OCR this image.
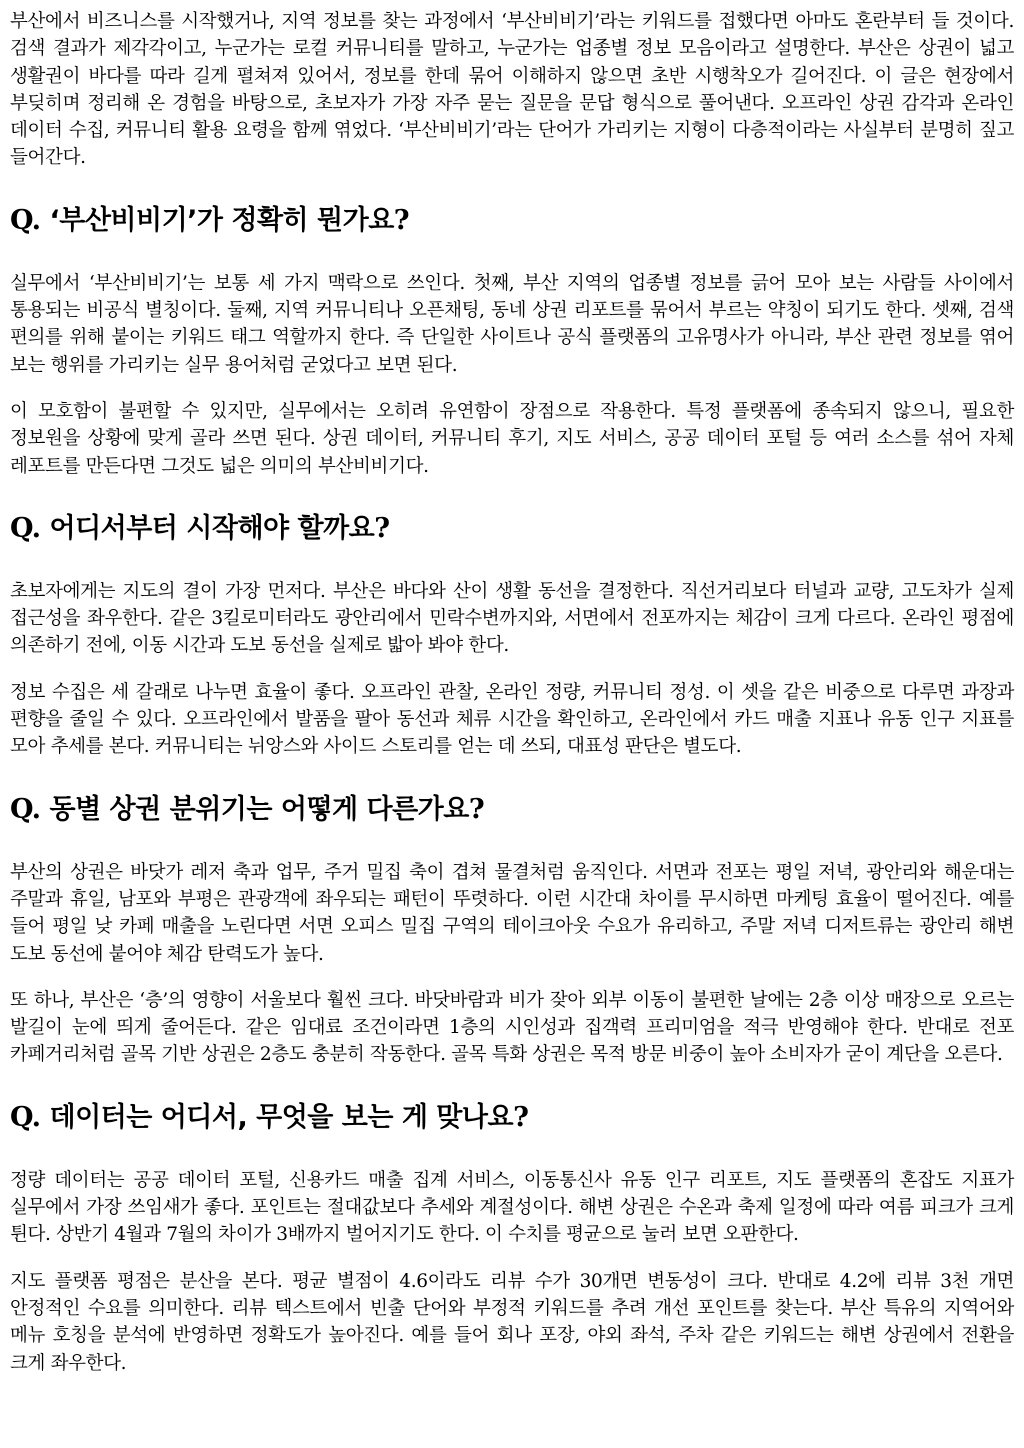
부산에서 비즈니스를 시작했거나, 지역 정보를 찾는 과정에서 ‘부산비비기’라는 키워드를 접했다면 아마도 혼란부터 들 것이다. 검색 결과가 제각각이고, 누군가는 로컬 커뮤니티를 말하고, 누군가는 업종별 정보 모음이라고 설명한다. 부산은 상권이 넓고 생활권이 바다를 따라 길게 펼쳐져 있어서, 정보를 한데 묶어 이해하지 않으면 초반 시행착오가 길어진다. 이 글은 현장에서 부딪히며 정리해 온 경험을 바탕으로, 초보자가 가장 자주 묻는 질문을 문답 형식으로 풀어낸다. 오프라인 상권 감각과 온라인 데이터 수집, 커뮤니티 활용 요령을 함께 엮었다. ‘부산비비기’라는 단어가 가리키는 지형이 다층적이라는 사실부터 분명히 짚고 들어간다.

Q. ‘부산비비기’가 정확히 뭔가요?

실무에서 ‘부산비비기’는 보통 세 가지 맥락으로 쓰인다. 첫째, 부산 지역의 업종별 정보를 긁어 모아 보는 사람들 사이에서 통용되는 비공식 별칭이다. 둘째, 지역 커뮤니티나 오픈채팅, 동네 상권 리포트를 묶어서 부르는 약칭이 되기도 한다. 셋째, 검색 편의를 위해 붙이는 키워드 태그 역할까지 한다. 즉 단일한 사이트나 공식 플랫폼의 고유명사가 아니라, 부산 관련 정보를 엮어 보는 행위를 가리키는 실무 용어처럼 굳었다고 보면 된다.

이 모호함이 불편할 수 있지만, 실무에서는 오히려 유연함이 장점으로 작용한다. 특정 플랫폼에 종속되지 않으니, 필요한 정보원을 상황에 맞게 골라 쓰면 된다. 상권 데이터, 커뮤니티 후기, 지도 서비스, 공공 데이터 포털 등 여러 소스를 섞어 자체 레포트를 만든다면 그것도 넓은 의미의 부산비비기다.

Q. 어디서부터 시작해야 할까요?

초보자에게는 지도의 결이 가장 먼저다. 부산은 바다와 산이 생활 동선을 결정한다. 직선거리보다 터널과 교량, 고도차가 실제 접근성을 좌우한다. 같은 3킬로미터라도 광안리에서 민락수변까지와, 서면에서 전포까지는 체감이 크게 다르다. 온라인 평점에 의존하기 전에, 이동 시간과 도보 동선을 실제로 밟아 봐야 한다.

정보 수집은 세 갈래로 나누면 효율이 좋다. 오프라인 관찰, 온라인 정량, 커뮤니티 정성. 이 셋을 같은 비중으로 다루면 과장과 편향을 줄일 수 있다. 오프라인에서 발품을 팔아 동선과 체류 시간을 확인하고, 온라인에서 카드 매출 지표나 유동 인구 지표를 모아 추세를 본다. 커뮤니티는 뉘앙스와 사이드 스토리를 얻는 데 쓰되, 대표성 판단은 별도다.

Q. 동별 상권 분위기는 어떻게 다른가요?

부산의 상권은 바닷가 레저 축과 업무, 주거 밀집 축이 겹쳐 물결처럼 움직인다. 서면과 전포는 평일 저녁, 광안리와 해운대는 주말과 휴일, 남포와 부평은 관광객에 좌우되는 패턴이 뚜렷하다. 이런 시간대 차이를 무시하면 마케팅 효율이 떨어진다. 예를 들어 평일 낮 카페 매출을 노린다면 서면 오피스 밀집 구역의 테이크아웃 수요가 유리하고, 주말 저녁 디저트류는 광안리 해변 도보 동선에 붙어야 체감 탄력도가 높다.

또 하나, 부산은 ‘층’의 영향이 서울보다 훨씬 크다. 바닷바람과 비가 잦아 외부 이동이 불편한 날에는 2층 이상 매장으로 오르는 발길이 눈에 띄게 줄어든다. 같은 임대료 조건이라면 1층의 시인성과 집객력 프리미엄을 적극 반영해야 한다. 반대로 전포 카페거리처럼 골목 기반 상권은 2층도 충분히 작동한다. 골목 특화 상권은 목적 방문 비중이 높아 소비자가 굳이 계단을 오른다.

Q. 데이터는 어디서, 무엇을 보는 게 맞나요?

정량 데이터는 공공 데이터 포털, 신용카드 매출 집계 서비스, 이동통신사 유동 인구 리포트, 지도 플랫폼의 혼잡도 지표가 실무에서 가장 쓰임새가 좋다. 포인트는 절대값보다 추세와 계절성이다. 해변 상권은 수온과 축제 일정에 따라 여름 피크가 크게 튄다. 상반기 4월과 7월의 차이가 3배까지 벌어지기도 한다. 이 수치를 평균으로 눌러 보면 오판한다.

지도 플랫폼 평점은 분산을 본다. 평균 별점이 4.6이라도 리뷰 수가 30개면 변동성이 크다. 반대로 4.2에 리뷰 3천 개면 안정적인 수요를 의미한다. 리뷰 텍스트에서 빈출 단어와 부정적 키워드를 추려 개선 포인트를 찾는다. 부산 특유의 지역어와 메뉴 호칭을 분석에 반영하면 정확도가 높아진다. 예를 들어 회나 포장, 야외 좌석, 주차 같은 키워드는 해변 상권에서 전환을 크게 좌우한다.
